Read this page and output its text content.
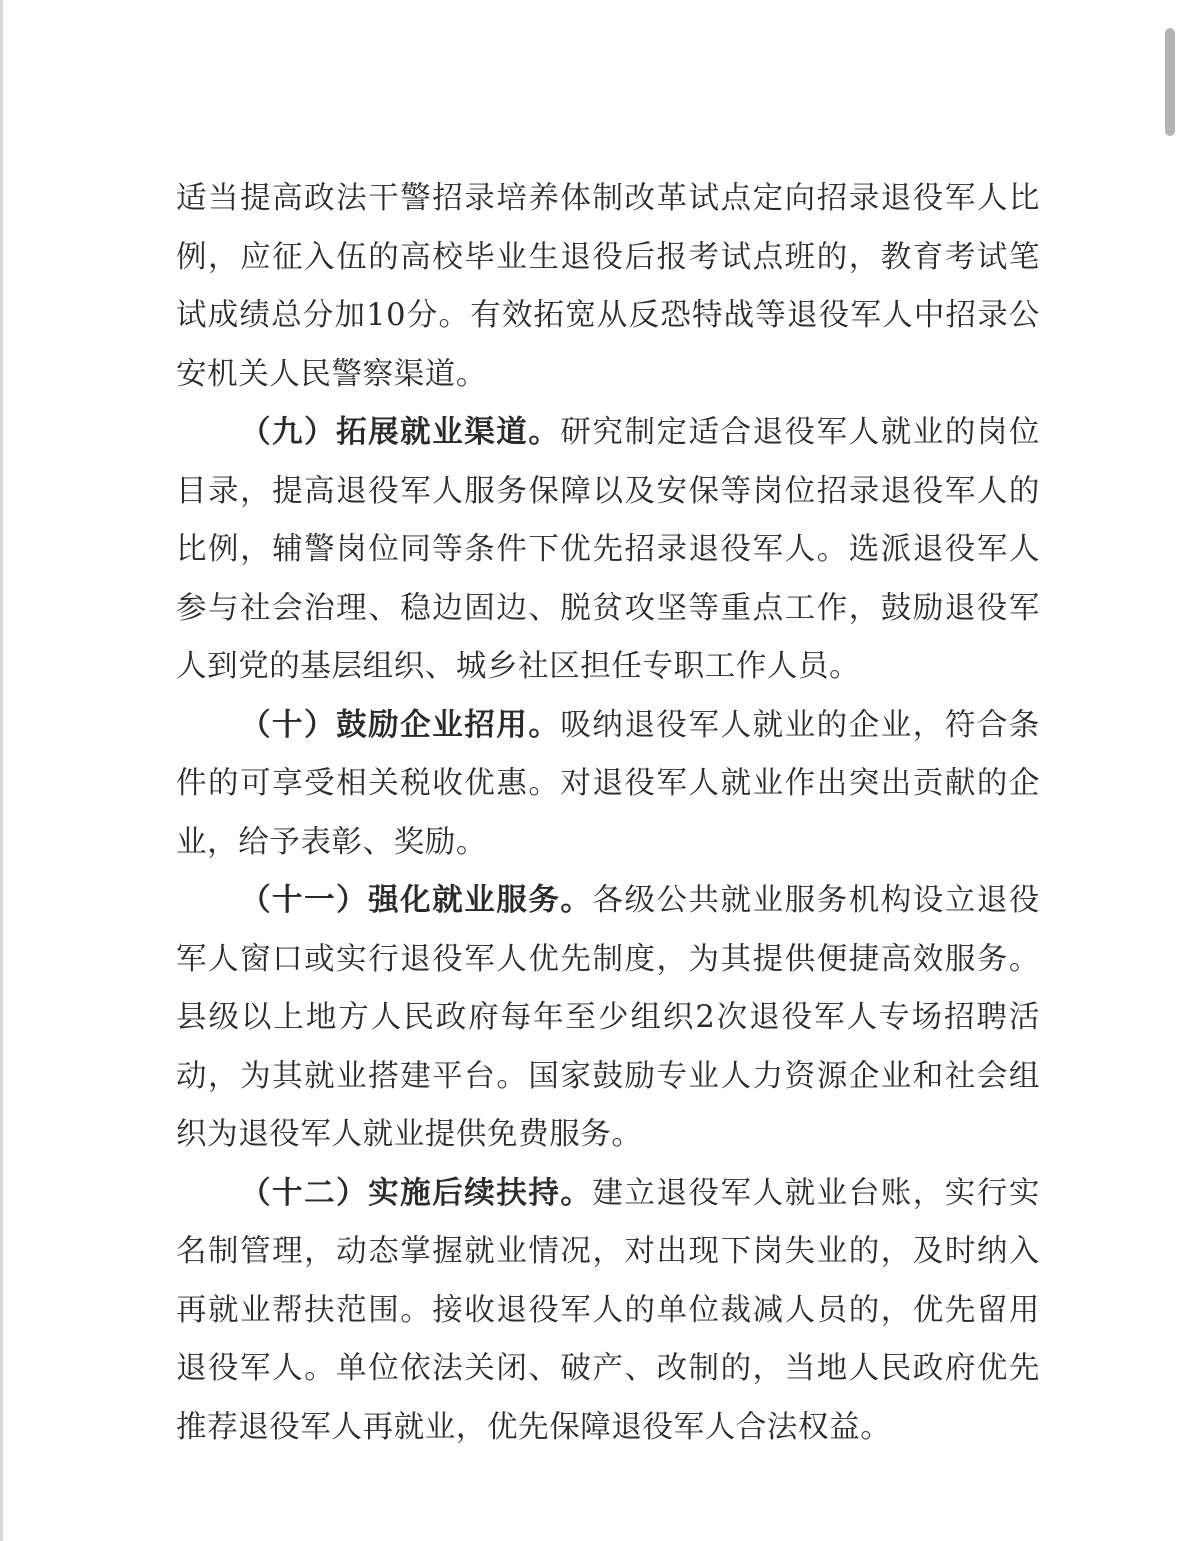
适当提高政法干警招录培养体制改革试点定向招录退役军人比例，应征入伍的高校毕业生退役后报考试点班的，教育考试笔试成绩总分加10分。有效拓宽从反恐特战等退役军人中招录公安机关人民警察渠道。

（九）拓展就业渠道。研究制定适合退役军人就业的岗位目录，提高退役军人服务保障以及安保等岗位招录退役军人的比例，辅警岗位同等条件下优先招录退役军人。选派退役军人参与社会治理、稳边固边、脱贫攻坚等重点工作，鼓励退役军人到党的基层组织、城乡社区担任专职工作人员。

（十）鼓励企业招用。吸纳退役军人就业的企业，符合条件的可享受相关税收优惠。对退役军人就业作出突出贡献的企业，给予表彰、奖励。

（十一）强化就业服务。各级公共就业服务机构设立退役军人窗口或实行退役军人优先制度，为其提供便捷高效服务。县级以上地方人民政府每年至少组织2次退役军人专场招聘活动，为其就业搭建平台。国家鼓励专业人力资源企业和社会组织为退役军人就业提供免费服务。

（十二）实施后续扶持。建立退役军人就业台账，实行实名制管理，动态掌握就业情况，对出现下岗失业的，及时纳入再就业帮扶范围。接收退役军人的单位裁减人员的，优先留用退役军人。单位依法关闭、破产、改制的，当地人民政府优先推荐退役军人再就业，优先保障退役军人合法权益。
